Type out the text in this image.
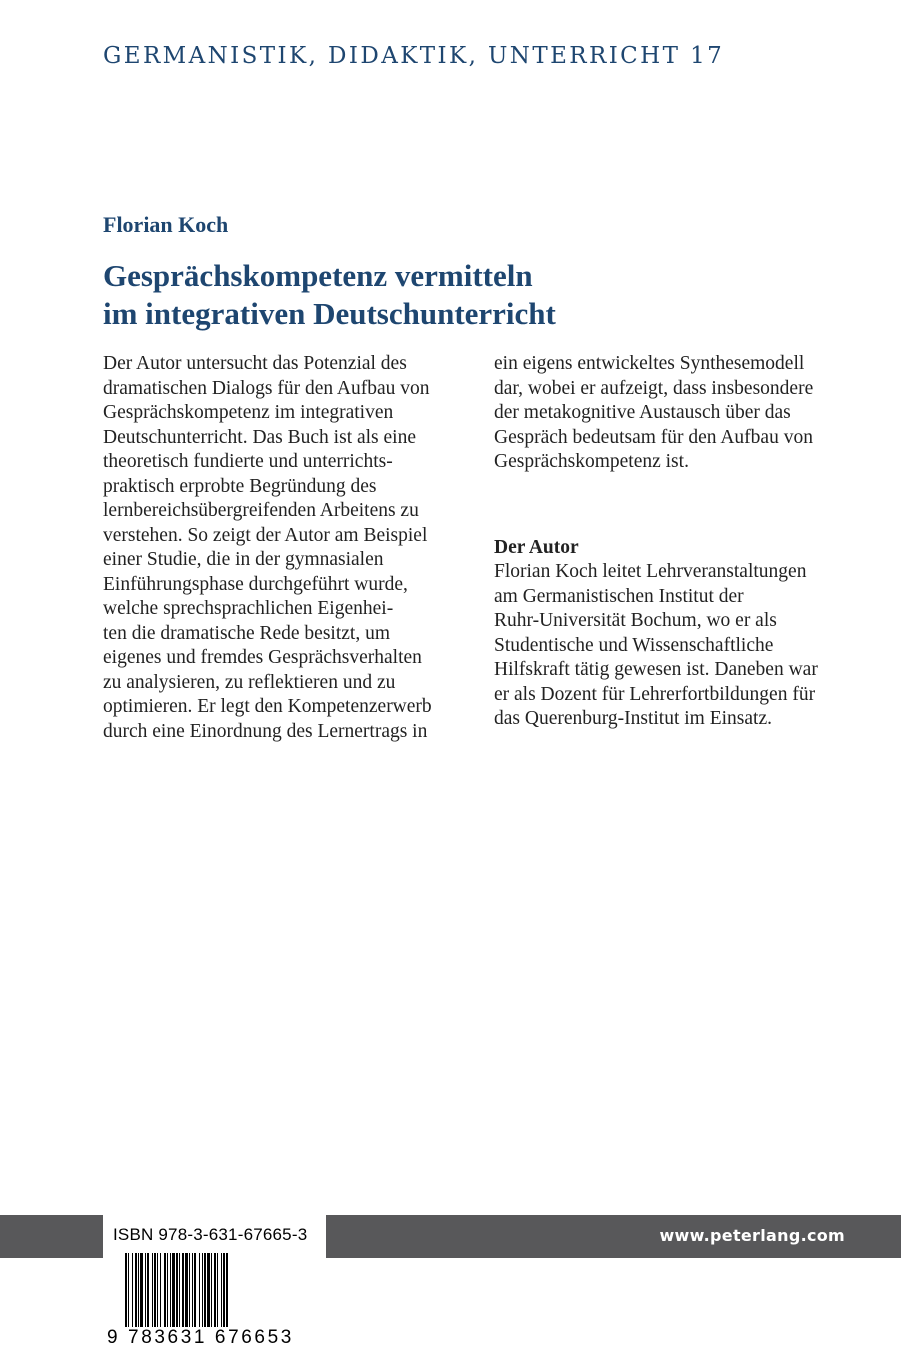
GERMANISTIK, DIDAKTIK, UNTERRICHT 17
Florian Koch
Gesprächskompetenz vermitteln
im integrativen Deutschunterricht
Der Autor untersucht das Potenzial des
dramatischen Dialogs für den Aufbau von
Gesprächskompetenz im integrativen
Deutschunterricht. Das Buch ist als eine
theoretisch fundierte und unterrichts-
praktisch erprobte Begründung des
lernbereichsübergreifenden Arbeitens zu
verstehen. So zeigt der Autor am Beispiel
einer Studie, die in der gymnasialen
Einführungsphase durchgeführt wurde,
welche sprechsprachlichen Eigenhei-
ten die dramatische Rede besitzt, um
eigenes und fremdes Gesprächsverhalten
zu analysieren, zu reflektieren und zu
optimieren. Er legt den Kompetenzerwerb
durch eine Einordnung des Lernertrags in
ein eigens entwickeltes Synthesemodell
dar, wobei er aufzeigt, dass insbesondere
der metakognitive Austausch über das
Gespräch bedeutsam für den Aufbau von
Gesprächskompetenz ist.
Der Autor
Florian Koch leitet Lehrveranstaltungen
am Germanistischen Institut der
Ruhr-Universität Bochum, wo er als
Studentische und Wissenschaftliche
Hilfskraft tätig gewesen ist. Daneben war
er als Dozent für Lehrerfortbildungen für
das Querenburg-Institut im Einsatz.
www.peterlang.com
ISBN 978-3-631-67665-3
9 783631 676653
